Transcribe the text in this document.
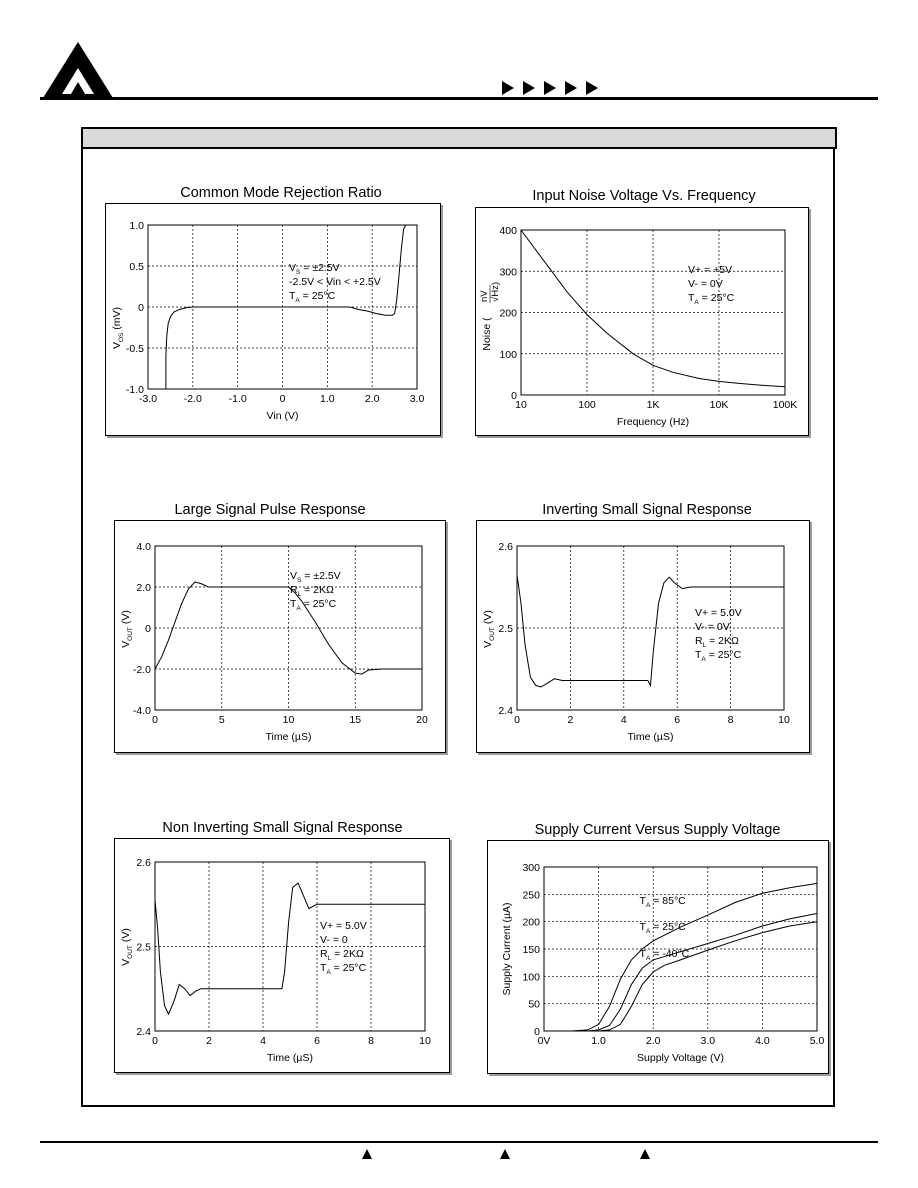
Common Mode Rejection Ratio	Input Noise Voltage Vs. Frequency
Large Signal Pulse Response	Inverting Small Signal Response
Non Inverting Small Signal Response	Supply Current Versus Supply Voltage
-3.0	-2.0	-1.0	0	1.0	2.0	3.0
1.0
0.5
0
-0.5
-1.0
Vin (V)
$V_{OS}$ (mV)
$V_S = \pm 2.5V$
-2.5V < Vin < +2.5V
$T_A = 25^\circ C$
10	100	1K	10K	100K
0
100
200
300
400
Frequency (Hz)
Noise (
nV √Hz)
V+ = +5V
V- = 0V
$T_A = 25^\circ C$
0	5	10	15	20
4.0
2.0
0
-2.0
-4.0
Time (µS)
$V_{OUT}$ (V)
$V_S = \pm 2.5V$
$R_L = 2K\Omega$
$T_A = 25^\circ C$
0	2	4	6	8	10
2.6
2.5
2.4
Time (µS)
$V_{OUT}$ (V)	V+ = 5.0V
V- = 0V
$R_L = 2K\Omega$
$T_A = 25^\circ C$
0	2	4	6	8	10
2.6
2.5
2.4
Time (µS)
$V_{OUT}$ (V)
V+ = 5.0V
V- = 0
$R_L = 2K\Omega$
$T_A = 25^\circ C$
0V	1.0	2.0	3.0	4.0	5.0
0
50
100
150
200
250
300
Supply Voltage (V)
Supply Current (µA)
$T_A = 85^\circ C$
$T_A = 25^\circ C$
$T_A = -40^\circ C$
